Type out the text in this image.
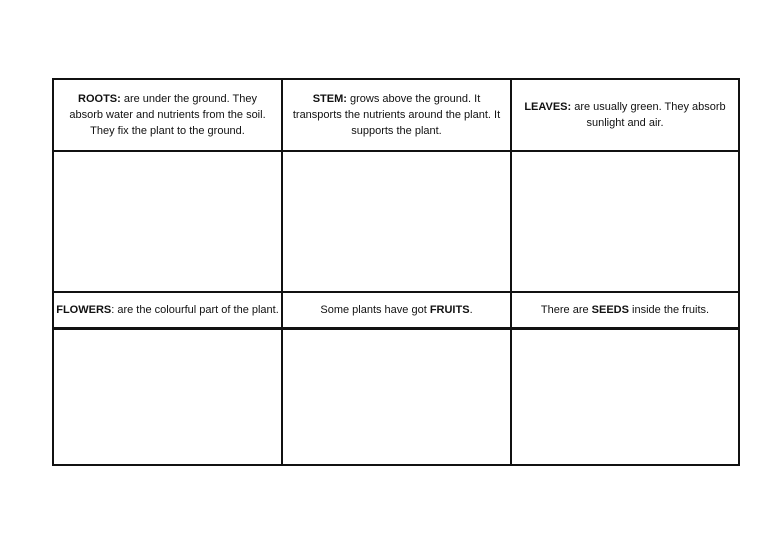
ROOTS: are under the ground. They absorb water and nutrients from the soil. They fix the plant to the ground.
STEM: grows above the ground. It transports the nutrients around the plant. It supports the plant.
LEAVES: are usually green. They absorb sunlight and air.
FLOWERS: are the colourful part of the plant.	Some plants have got FRUITS.	There are SEEDS inside the fruits.
